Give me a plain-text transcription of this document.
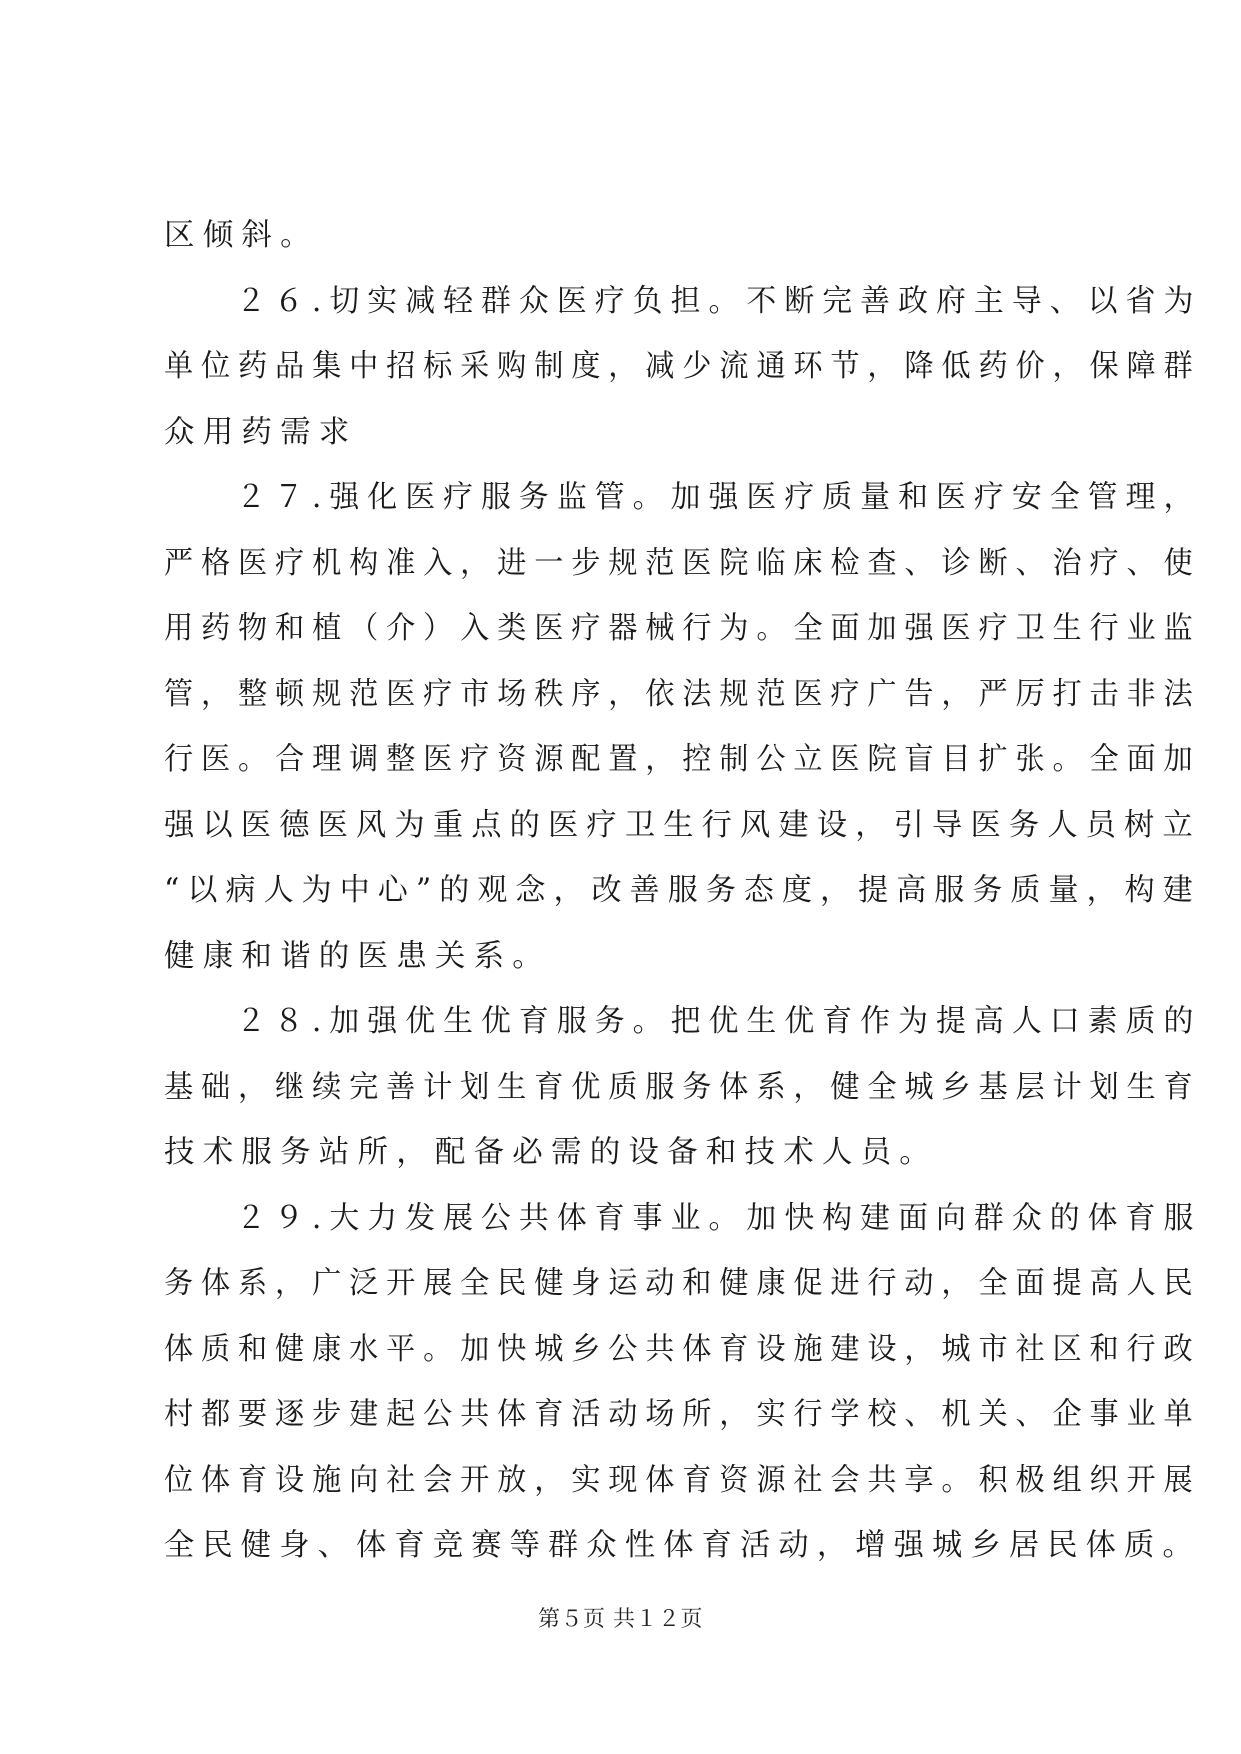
区倾斜。
２６.切实减轻群众医疗负担。不断完善政府主导、以省为
单位药品集中招标采购制度，减少流通环节，降低药价，保障群
众用药需求
２７.强化医疗服务监管。加强医疗质量和医疗安全管理，
严格医疗机构准入，进一步规范医院临床检查、诊断、治疗、使
用药物和植（介）入类医疗器械行为。全面加强医疗卫生行业监
管，整顿规范医疗市场秩序，依法规范医疗广告，严厉打击非法
行医。合理调整医疗资源配置，控制公立医院盲目扩张。全面加
强以医德医风为重点的医疗卫生行风建设，引导医务人员树立
“以病人为中心”的观念，改善服务态度，提高服务质量，构建
健康和谐的医患关系。
２８.加强优生优育服务。把优生优育作为提高人口素质的
基础，继续完善计划生育优质服务体系，健全城乡基层计划生育
技术服务站所，配备必需的设备和技术人员。
２９.大力发展公共体育事业。加快构建面向群众的体育服
务体系，广泛开展全民健身运动和健康促进行动，全面提高人民
体质和健康水平。加快城乡公共体育设施建设，城市社区和行政
村都要逐步建起公共体育活动场所，实行学校、机关、企事业单
位体育设施向社会开放，实现体育资源社会共享。积极组织开展
全民健身、体育竞赛等群众性体育活动，增强城乡居民体质。
第５页 共１２页
